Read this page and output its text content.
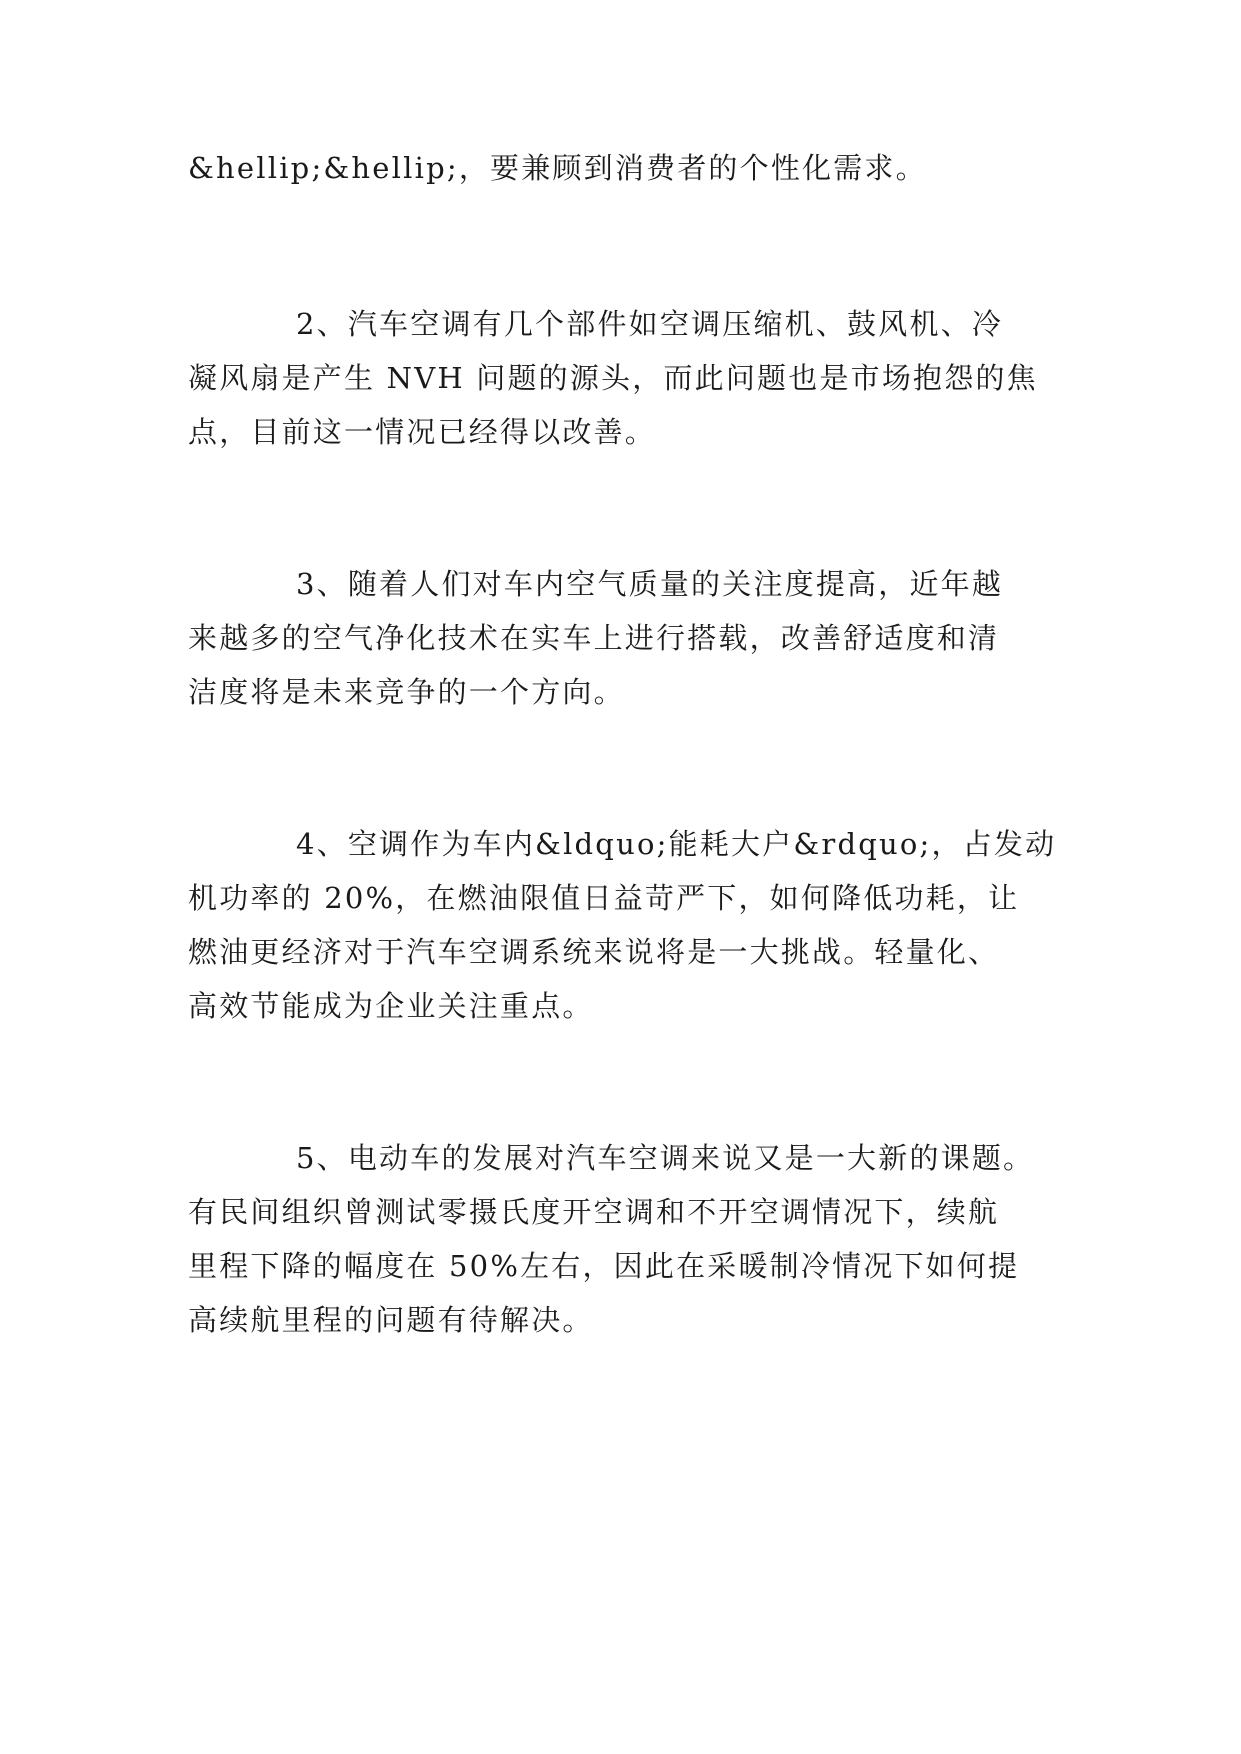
&hellip;&hellip;，要兼顾到消费者的个性化需求。
2、汽车空调有几个部件如空调压缩机、鼓风机、冷
凝风扇是产生 NVH 问题的源头，而此问题也是市场抱怨的焦
点，目前这一情况已经得以改善。
3、随着人们对车内空气质量的关注度提高，近年越
来越多的空气净化技术在实车上进行搭载，改善舒适度和清
洁度将是未来竞争的一个方向。
4、空调作为车内&ldquo;能耗大户&rdquo;，占发动
机功率的 20%，在燃油限值日益苛严下，如何降低功耗，让
燃油更经济对于汽车空调系统来说将是一大挑战。轻量化、
高效节能成为企业关注重点。
5、电动车的发展对汽车空调来说又是一大新的课题。
有民间组织曾测试零摄氏度开空调和不开空调情况下，续航
里程下降的幅度在 50%左右，因此在采暖制冷情况下如何提
高续航里程的问题有待解决。
